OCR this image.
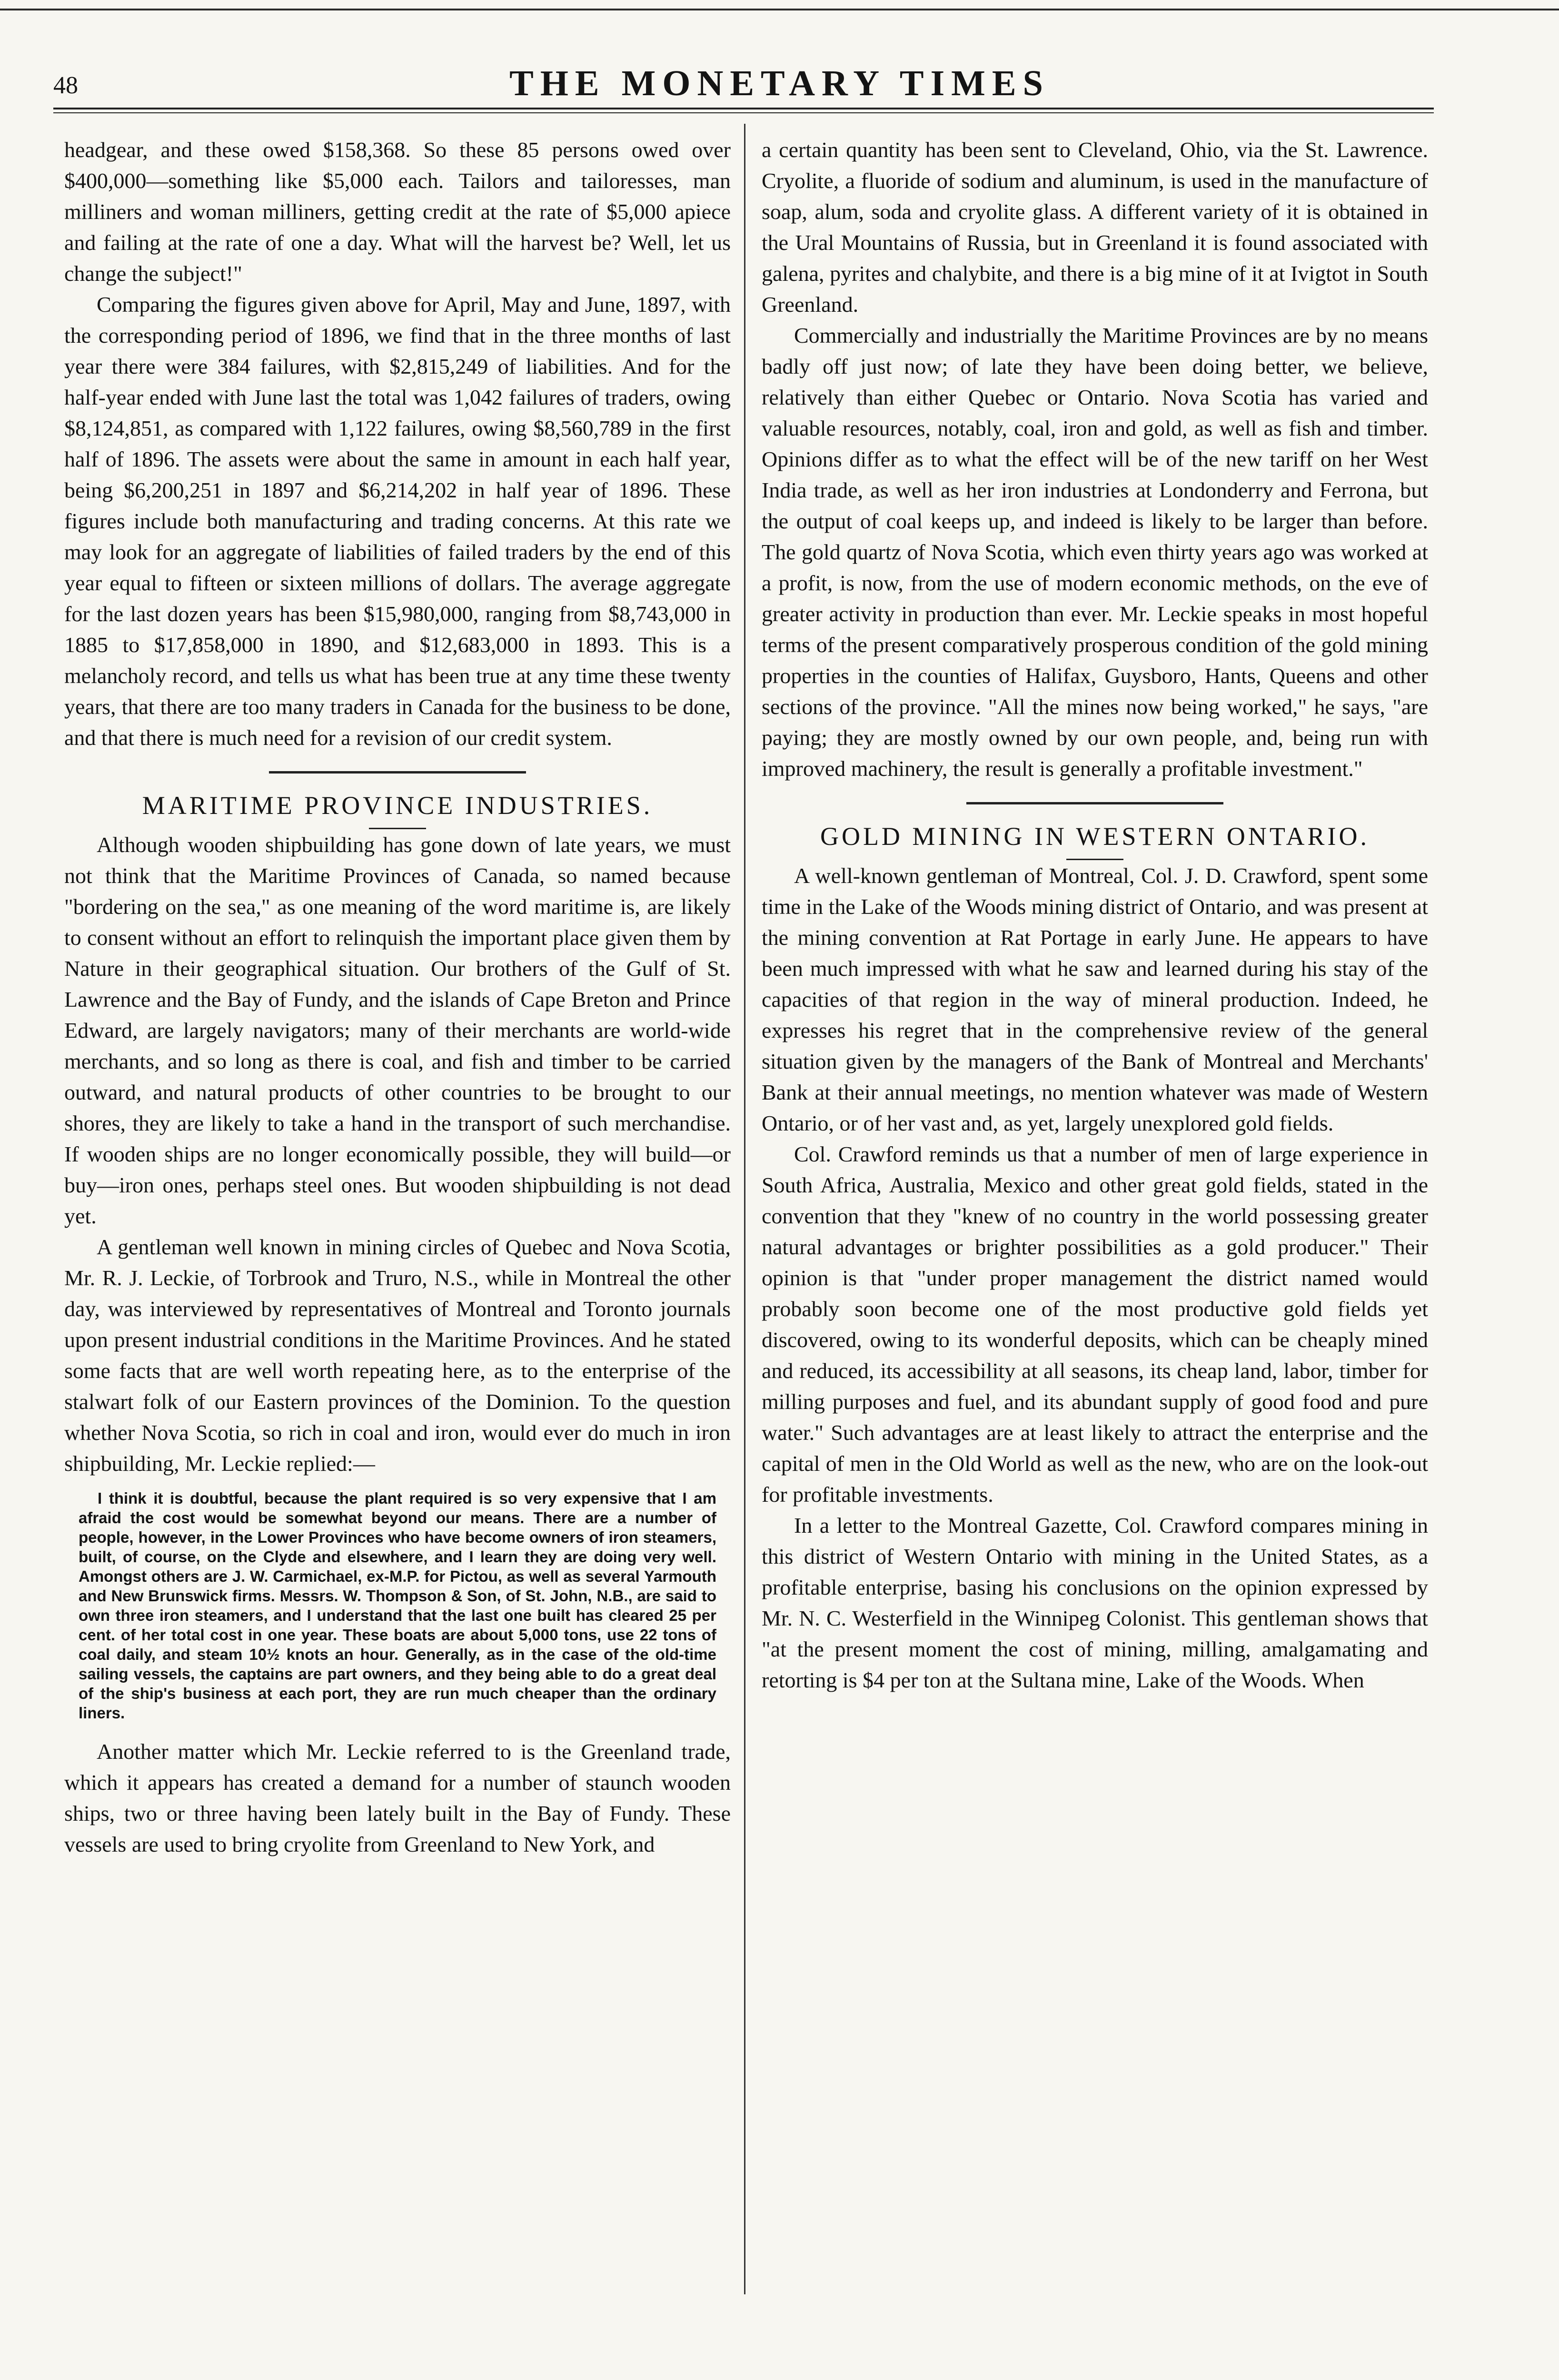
48	THE MONETARY TIMES

headgear, and these owed $158,368. So these 85 persons owed over $400,000—something like $5,000 each. Tailors and tailoresses, man milliners and woman milliners, getting credit at the rate of $5,000 apiece and failing at the rate of one a day. What will the harvest be? Well, let us change the subject!"

Comparing the figures given above for April, May and June, 1897, with the corresponding period of 1896, we find that in the three months of last year there were 384 failures, with $2,815,249 of liabilities. And for the half-year ended with June last the total was 1,042 failures of traders, owing $8,124,851, as compared with 1,122 failures, owing $8,560,789 in the first half of 1896. The assets were about the same in amount in each half year, being $6,200,251 in 1897 and $6,214,202 in half year of 1896. These figures include both manufacturing and trading concerns. At this rate we may look for an aggregate of liabilities of failed traders by the end of this year equal to fifteen or sixteen millions of dollars. The average aggregate for the last dozen years has been $15,980,000, ranging from $8,743,000 in 1885 to $17,858,000 in 1890, and $12,683,000 in 1893. This is a melancholy record, and tells us what has been true at any time these twenty years, that there are too many traders in Canada for the business to be done, and that there is much need for a revision of our credit system.

MARITIME PROVINCE INDUSTRIES.

Although wooden shipbuilding has gone down of late years, we must not think that the Maritime Provinces of Canada, so named because "bordering on the sea," as one meaning of the word maritime is, are likely to consent without an effort to relinquish the important place given them by Nature in their geographical situation. Our brothers of the Gulf of St. Lawrence and the Bay of Fundy, and the islands of Cape Breton and Prince Edward, are largely navigators; many of their merchants are world-wide merchants, and so long as there is coal, and fish and timber to be carried outward, and natural products of other countries to be brought to our shores, they are likely to take a hand in the transport of such merchandise. If wooden ships are no longer economically possible, they will build—or buy—iron ones, perhaps steel ones. But wooden shipbuilding is not dead yet.

A gentleman well known in mining circles of Quebec and Nova Scotia, Mr. R. J. Leckie, of Torbrook and Truro, N.S., while in Montreal the other day, was interviewed by representatives of Montreal and Toronto journals upon present industrial conditions in the Maritime Provinces. And he stated some facts that are well worth repeating here, as to the enterprise of the stalwart folk of our Eastern provinces of the Dominion. To the question whether Nova Scotia, so rich in coal and iron, would ever do much in iron shipbuilding, Mr. Leckie replied:—

I think it is doubtful, because the plant required is so very expensive that I am afraid the cost would be somewhat beyond our means. There are a number of people, however, in the Lower Provinces who have become owners of iron steamers, built, of course, on the Clyde and elsewhere, and I learn they are doing very well. Amongst others are J. W. Carmichael, ex-M.P. for Pictou, as well as several Yarmouth and New Brunswick firms. Messrs. W. Thompson & Son, of St. John, N.B., are said to own three iron steamers, and I understand that the last one built has cleared 25 per cent. of her total cost in one year. These boats are about 5,000 tons, use 22 tons of coal daily, and steam 10½ knots an hour. Generally, as in the case of the old-time sailing vessels, the captains are part owners, and they being able to do a great deal of the ship's business at each port, they are run much cheaper than the ordinary liners.

Another matter which Mr. Leckie referred to is the Greenland trade, which it appears has created a demand for a number of staunch wooden ships, two or three having been lately built in the Bay of Fundy. These vessels are used to bring cryolite from Greenland to New York, and

a certain quantity has been sent to Cleveland, Ohio, via the St. Lawrence. Cryolite, a fluoride of sodium and aluminum, is used in the manufacture of soap, alum, soda and cryolite glass. A different variety of it is obtained in the Ural Mountains of Russia, but in Greenland it is found associated with galena, pyrites and chalybite, and there is a big mine of it at Ivigtot in South Greenland.

Commercially and industrially the Maritime Provinces are by no means badly off just now; of late they have been doing better, we believe, relatively than either Quebec or Ontario. Nova Scotia has varied and valuable resources, notably, coal, iron and gold, as well as fish and timber. Opinions differ as to what the effect will be of the new tariff on her West India trade, as well as her iron industries at Londonderry and Ferrona, but the output of coal keeps up, and indeed is likely to be larger than before. The gold quartz of Nova Scotia, which even thirty years ago was worked at a profit, is now, from the use of modern economic methods, on the eve of greater activity in production than ever. Mr. Leckie speaks in most hopeful terms of the present comparatively prosperous condition of the gold mining properties in the counties of Halifax, Guysboro, Hants, Queens and other sections of the province. "All the mines now being worked," he says, "are paying; they are mostly owned by our own people, and, being run with improved machinery, the result is generally a profitable investment."

GOLD MINING IN WESTERN ONTARIO.

A well-known gentleman of Montreal, Col. J. D. Crawford, spent some time in the Lake of the Woods mining district of Ontario, and was present at the mining convention at Rat Portage in early June. He appears to have been much impressed with what he saw and learned during his stay of the capacities of that region in the way of mineral production. Indeed, he expresses his regret that in the comprehensive review of the general situation given by the managers of the Bank of Montreal and Merchants' Bank at their annual meetings, no mention whatever was made of Western Ontario, or of her vast and, as yet, largely unexplored gold fields.

Col. Crawford reminds us that a number of men of large experience in South Africa, Australia, Mexico and other great gold fields, stated in the convention that they "knew of no country in the world possessing greater natural advantages or brighter possibilities as a gold producer." Their opinion is that "under proper management the district named would probably soon become one of the most productive gold fields yet discovered, owing to its wonderful deposits, which can be cheaply mined and reduced, its accessibility at all seasons, its cheap land, labor, timber for milling purposes and fuel, and its abundant supply of good food and pure water." Such advantages are at least likely to attract the enterprise and the capital of men in the Old World as well as the new, who are on the look-out for profitable investments.

In a letter to the Montreal Gazette, Col. Crawford compares mining in this district of Western Ontario with mining in the United States, as a profitable enterprise, basing his conclusions on the opinion expressed by Mr. N. C. Westerfield in the Winnipeg Colonist. This gentleman shows that "at the present moment the cost of mining, milling, amalgamating and retorting is $4 per ton at the Sultana mine, Lake of the Woods. When
